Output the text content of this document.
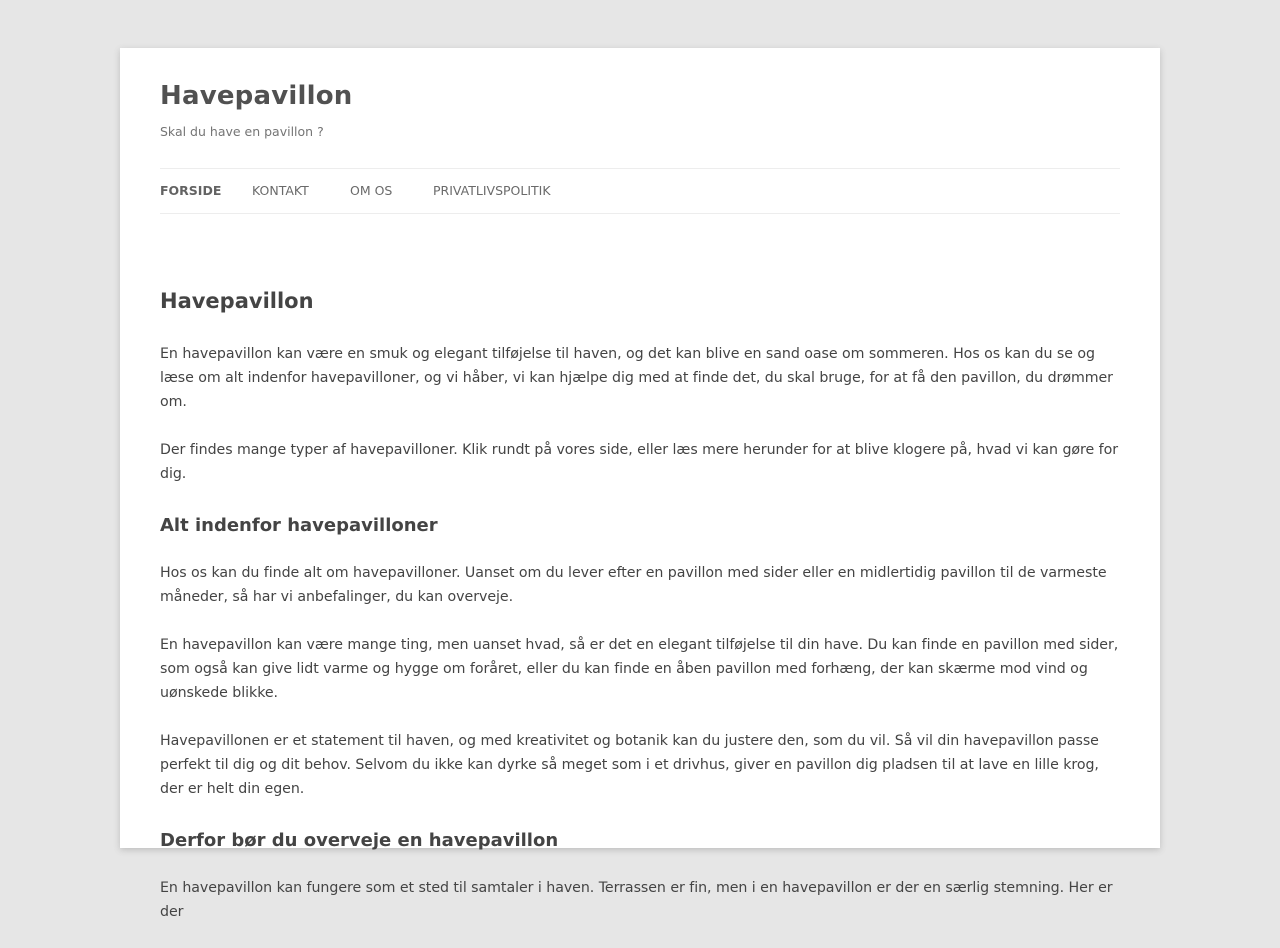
Havepavillon
Skal du have en pavillon ?
FORSIDE KONTAKT	OM OS	PRIVATLIVSPOLITIK
Havepavillon

En havepavillon kan være en smuk og elegant tilføjelse til haven, og det kan blive en sand oase om sommeren. Hos os kan du se og læse om alt indenfor havepavilloner, og vi håber, vi kan hjælpe dig med at finde det, du skal bruge, for at få den pavillon, du drømmer om.

Der findes mange typer af havepavilloner. Klik rundt på vores side, eller læs mere herunder for at blive klogere på, hvad vi kan gøre for dig.

Alt indenfor havepavilloner

Hos os kan du finde alt om havepavilloner. Uanset om du lever efter en pavillon med sider eller en midlertidig pavillon til de varmeste måneder, så har vi anbefalinger, du kan overveje.

En havepavillon kan være mange ting, men uanset hvad, så er det en elegant tilføjelse til din have. Du kan finde en pavillon med sider, som også kan give lidt varme og hygge om foråret, eller du kan finde en åben pavillon med forhæng, der kan skærme mod vind og uønskede blikke.

Havepavillonen er et statement til haven, og med kreativitet og botanik kan du justere den, som du vil. Så vil din havepavillon passe perfekt til dig og dit behov. Selvom du ikke kan dyrke så meget som i et drivhus, giver en pavillon dig pladsen til at lave en lille krog, der er helt din egen.

Derfor bør du overveje en havepavillon

En havepavillon kan fungere som et sted til samtaler i haven. Terrassen er fin, men i en havepavillon er der en særlig stemning. Her er der
